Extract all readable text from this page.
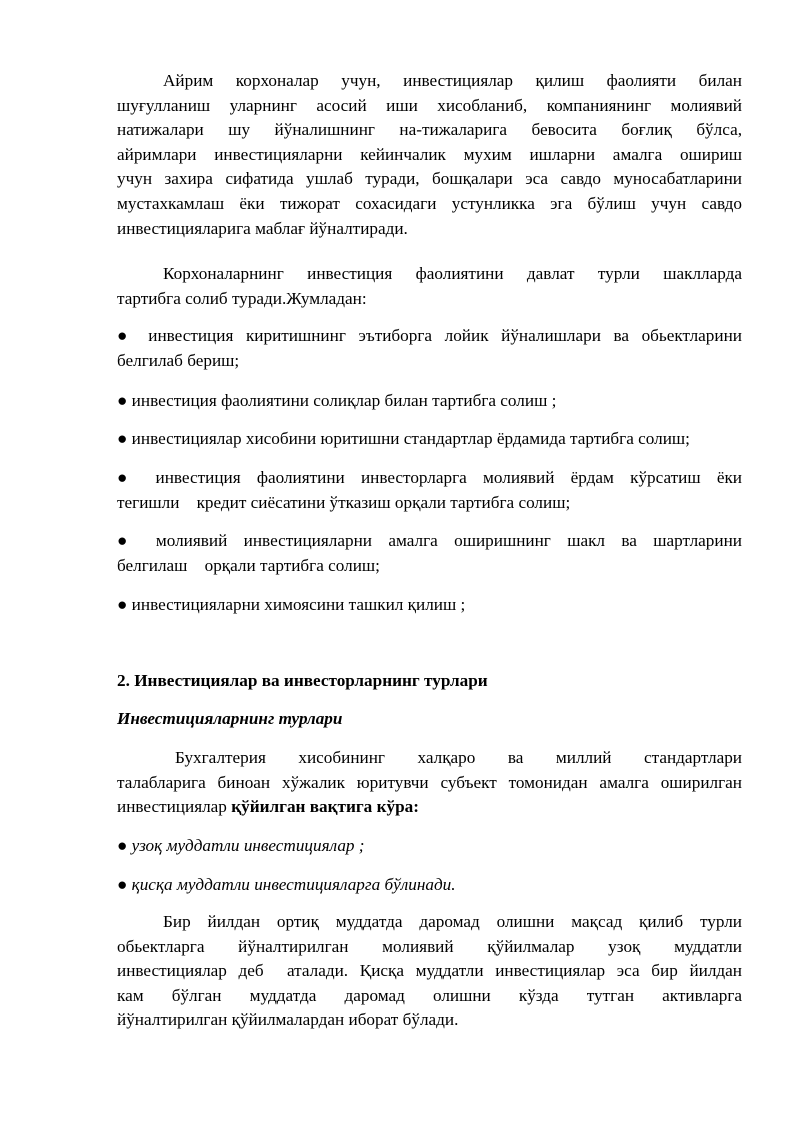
Айрим корхоналар учун, инвестициялар қилиш фаолияти билан
шуғулланиш уларнинг асосий иши хисобланиб, компаниянинг молиявий
натижалари шу йўналишнинг на-тижаларига бевосита боғлиқ бўлса,
айримлари инвестицияларни кейинчалик мухим ишларни амалга ошириш
учун захира сифатида ушлаб туради, бошқалари эса савдо муносабатларини
мустахкамлаш ёки тижорат сохасидаги устунликка эга бўлиш учун савдо
инвестицияларига маблағ йўналтиради.
Корхоналарнинг инвестиция фаолиятини давлат турли шаклларда
тартибга солиб туради.Жумладан:
● инвестиция киритишнинг эътиборга лойик йўналишлари ва обьектларини
белгилаб бериш;
● инвестиция фаолиятини солиқлар билан тартибга солиш ;
● инвестициялар хисобини юритишни стандартлар ёрдамида тартибга солиш;
● инвестиция фаолиятини инвесторларга молиявий ёрдам кўрсатиш ёки
тегишли    кредит сиёсатини ўтказиш орқали тартибга солиш;
● молиявий инвестицияларни амалга оширишнинг шакл ва шартларини
белгилаш    орқали тартибга солиш;
● инвестицияларни химоясини ташкил қилиш ;
2. Инвестициялар ва инвесторларнинг турлари
Инвестицияларнинг турлари
Бухгалтерия хисобининг халқаро ва миллий стандартлари
талабларига биноан хўжалик юритувчи субъект томонидан амалга оширилган
инвестициялар қўйилган вақтига кўра:
● узоқ муддатли инвестициялар ;
● қисқа муддатли инвестицияларга бўлинади.
Бир йилдан ортиқ муддатда даромад олишни мақсад қилиб турли
обьектларга йўналтирилган молиявий қўйилмалар узоқ муддатли
инвестициялар деб  аталади. Қисқа муддатли инвестициялар эса бир йилдан
кам бўлган муддатда даромад олишни кўзда тутган активларга
йўналтирилган қўйилмалардан иборат бўлади.
